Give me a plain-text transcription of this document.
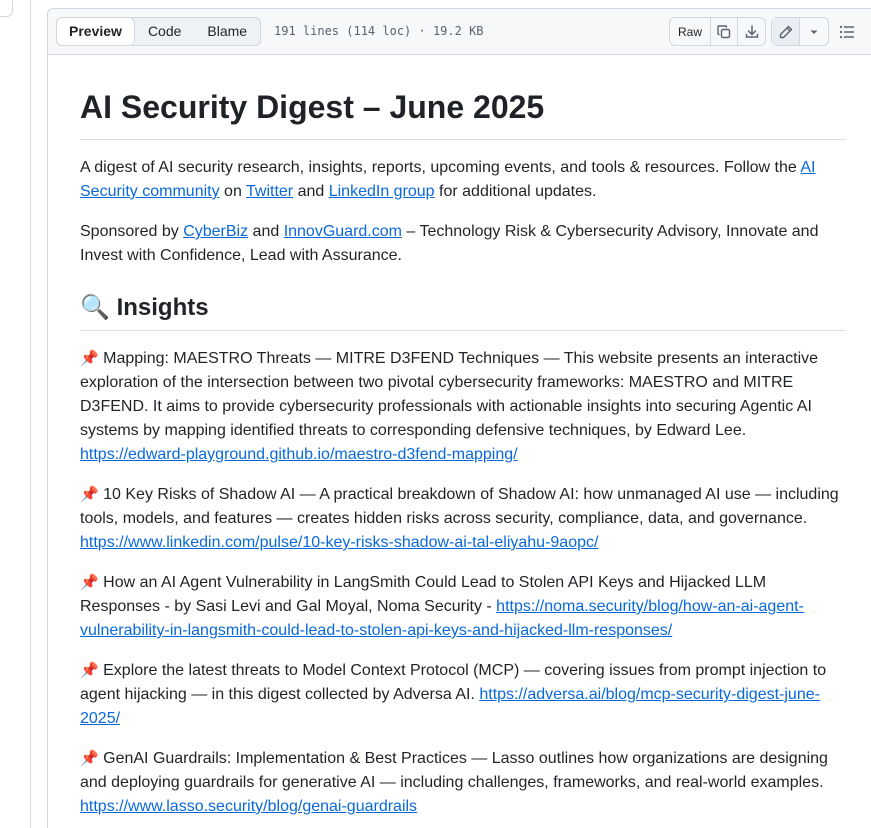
Preview	Code	Blame	191 lines (114 loc) · 19.2 KB	Raw
AI Security Digest – June 2025

A digest of AI security research, insights, reports, upcoming events, and tools & resources. Follow the AI Security community on Twitter and LinkedIn group for additional updates.

Sponsored by CyberBiz and InnovGuard.com – Technology Risk & Cybersecurity Advisory, Innovate and Invest with Confidence, Lead with Assurance.

🔍 Insights

📌 Mapping: MAESTRO Threats — MITRE D3FEND Techniques — This website presents an interactive exploration of the intersection between two pivotal cybersecurity frameworks: MAESTRO and MITRE D3FEND. It aims to provide cybersecurity professionals with actionable insights into securing Agentic AI systems by mapping identified threats to corresponding defensive techniques, by Edward Lee. https://edward-playground.github.io/maestro-d3fend-mapping/

📌 10 Key Risks of Shadow AI — A practical breakdown of Shadow AI: how unmanaged AI use — including tools, models, and features — creates hidden risks across security, compliance, data, and governance. https://www.linkedin.com/pulse/10-key-risks-shadow-ai-tal-eliyahu-9aopc/

📌 How an AI Agent Vulnerability in LangSmith Could Lead to Stolen API Keys and Hijacked LLM Responses - by Sasi Levi and Gal Moyal, Noma Security - https://noma.security/blog/how-an-ai-agent-vulnerability-in-langsmith-could-lead-to-stolen-api-keys-and-hijacked-llm-responses/

📌 Explore the latest threats to Model Context Protocol (MCP) — covering issues from prompt injection to agent hijacking — in this digest collected by Adversa AI. https://adversa.ai/blog/mcp-security-digest-june-2025/

📌 GenAI Guardrails: Implementation & Best Practices — Lasso outlines how organizations are designing and deploying guardrails for generative AI — including challenges, frameworks, and real-world examples. https://www.lasso.security/blog/genai-guardrails
